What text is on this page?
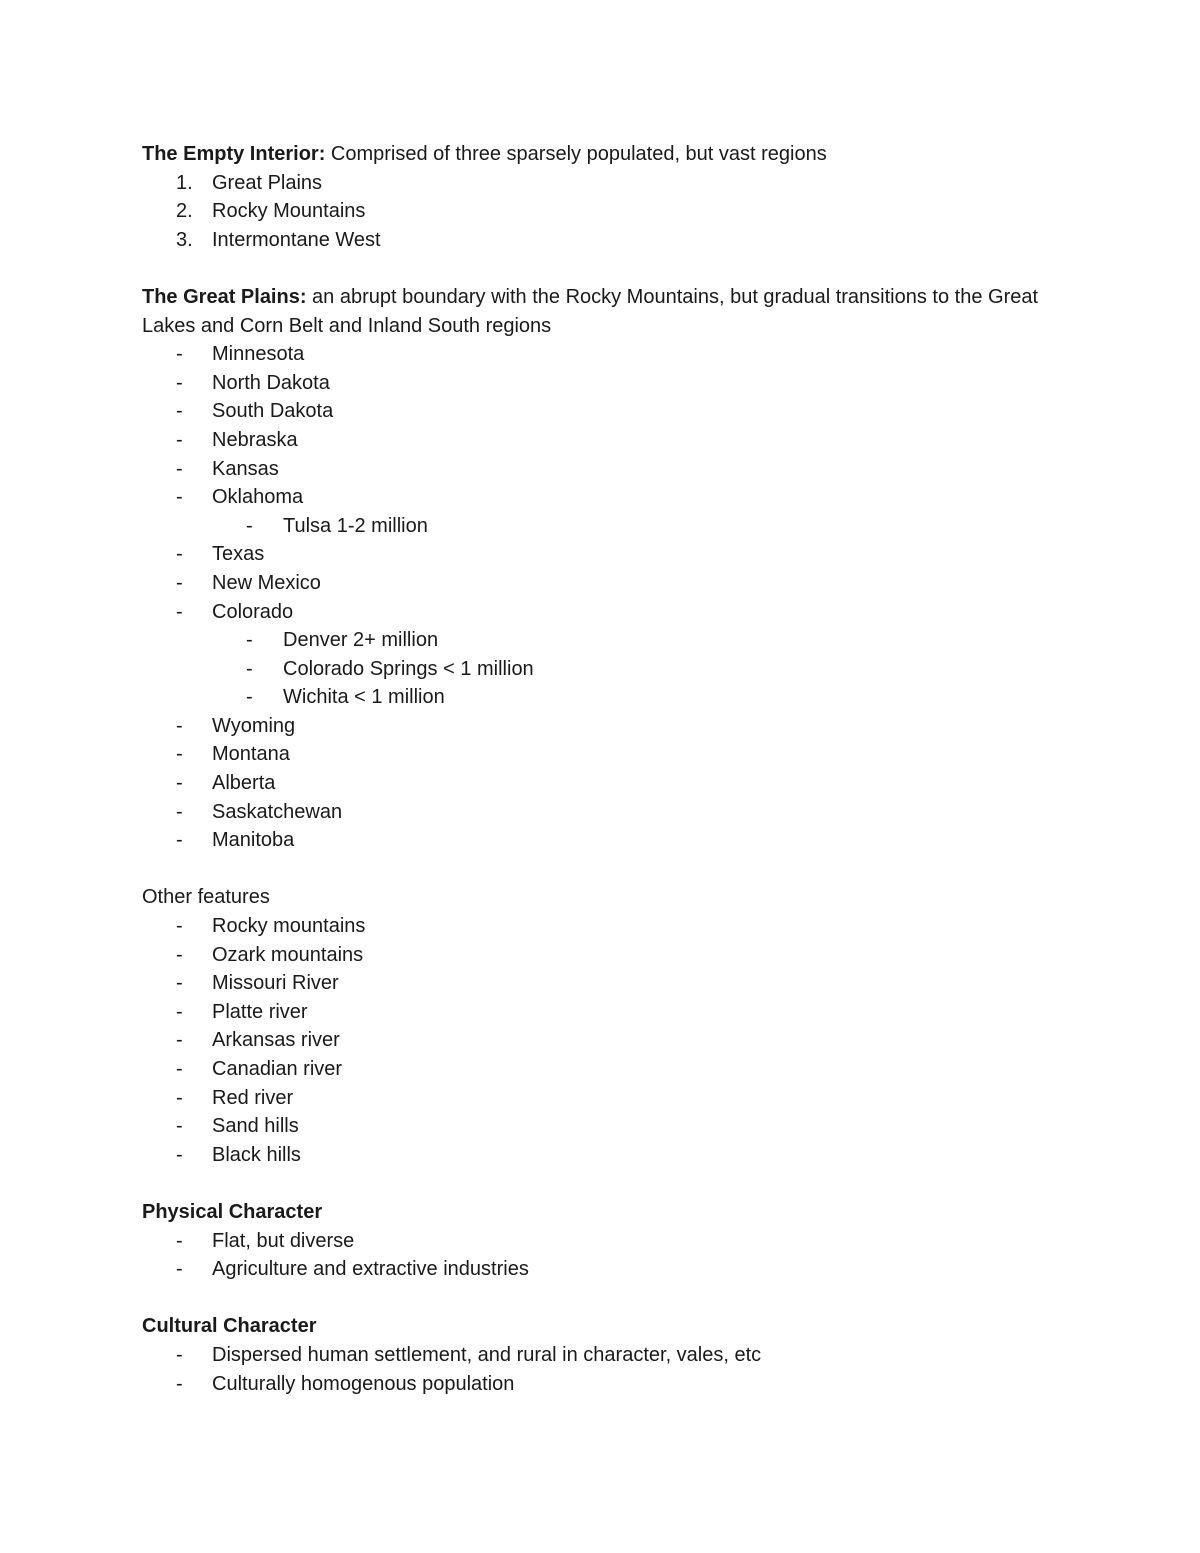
The Empty Interior: Comprised of three sparsely populated, but vast regions
1. Great Plains
2. Rocky Mountains
3. Intermontane West
The Great Plains: an abrupt boundary with the Rocky Mountains, but gradual transitions to the Great Lakes and Corn Belt and Inland South regions
- Minnesota
- North Dakota
- South Dakota
- Nebraska
- Kansas
- Oklahoma
- Tulsa 1-2 million
- Texas
- New Mexico
- Colorado
- Denver 2+ million
- Colorado Springs < 1 million
- Wichita < 1 million
- Wyoming
- Montana
- Alberta
- Saskatchewan
- Manitoba
Other features
- Rocky mountains
- Ozark mountains
- Missouri River
- Platte river
- Arkansas river
- Canadian river
- Red river
- Sand hills
- Black hills
Physical Character
- Flat, but diverse
- Agriculture and extractive industries
Cultural Character
- Dispersed human settlement, and rural in character, vales, etc
- Culturally homogenous population
